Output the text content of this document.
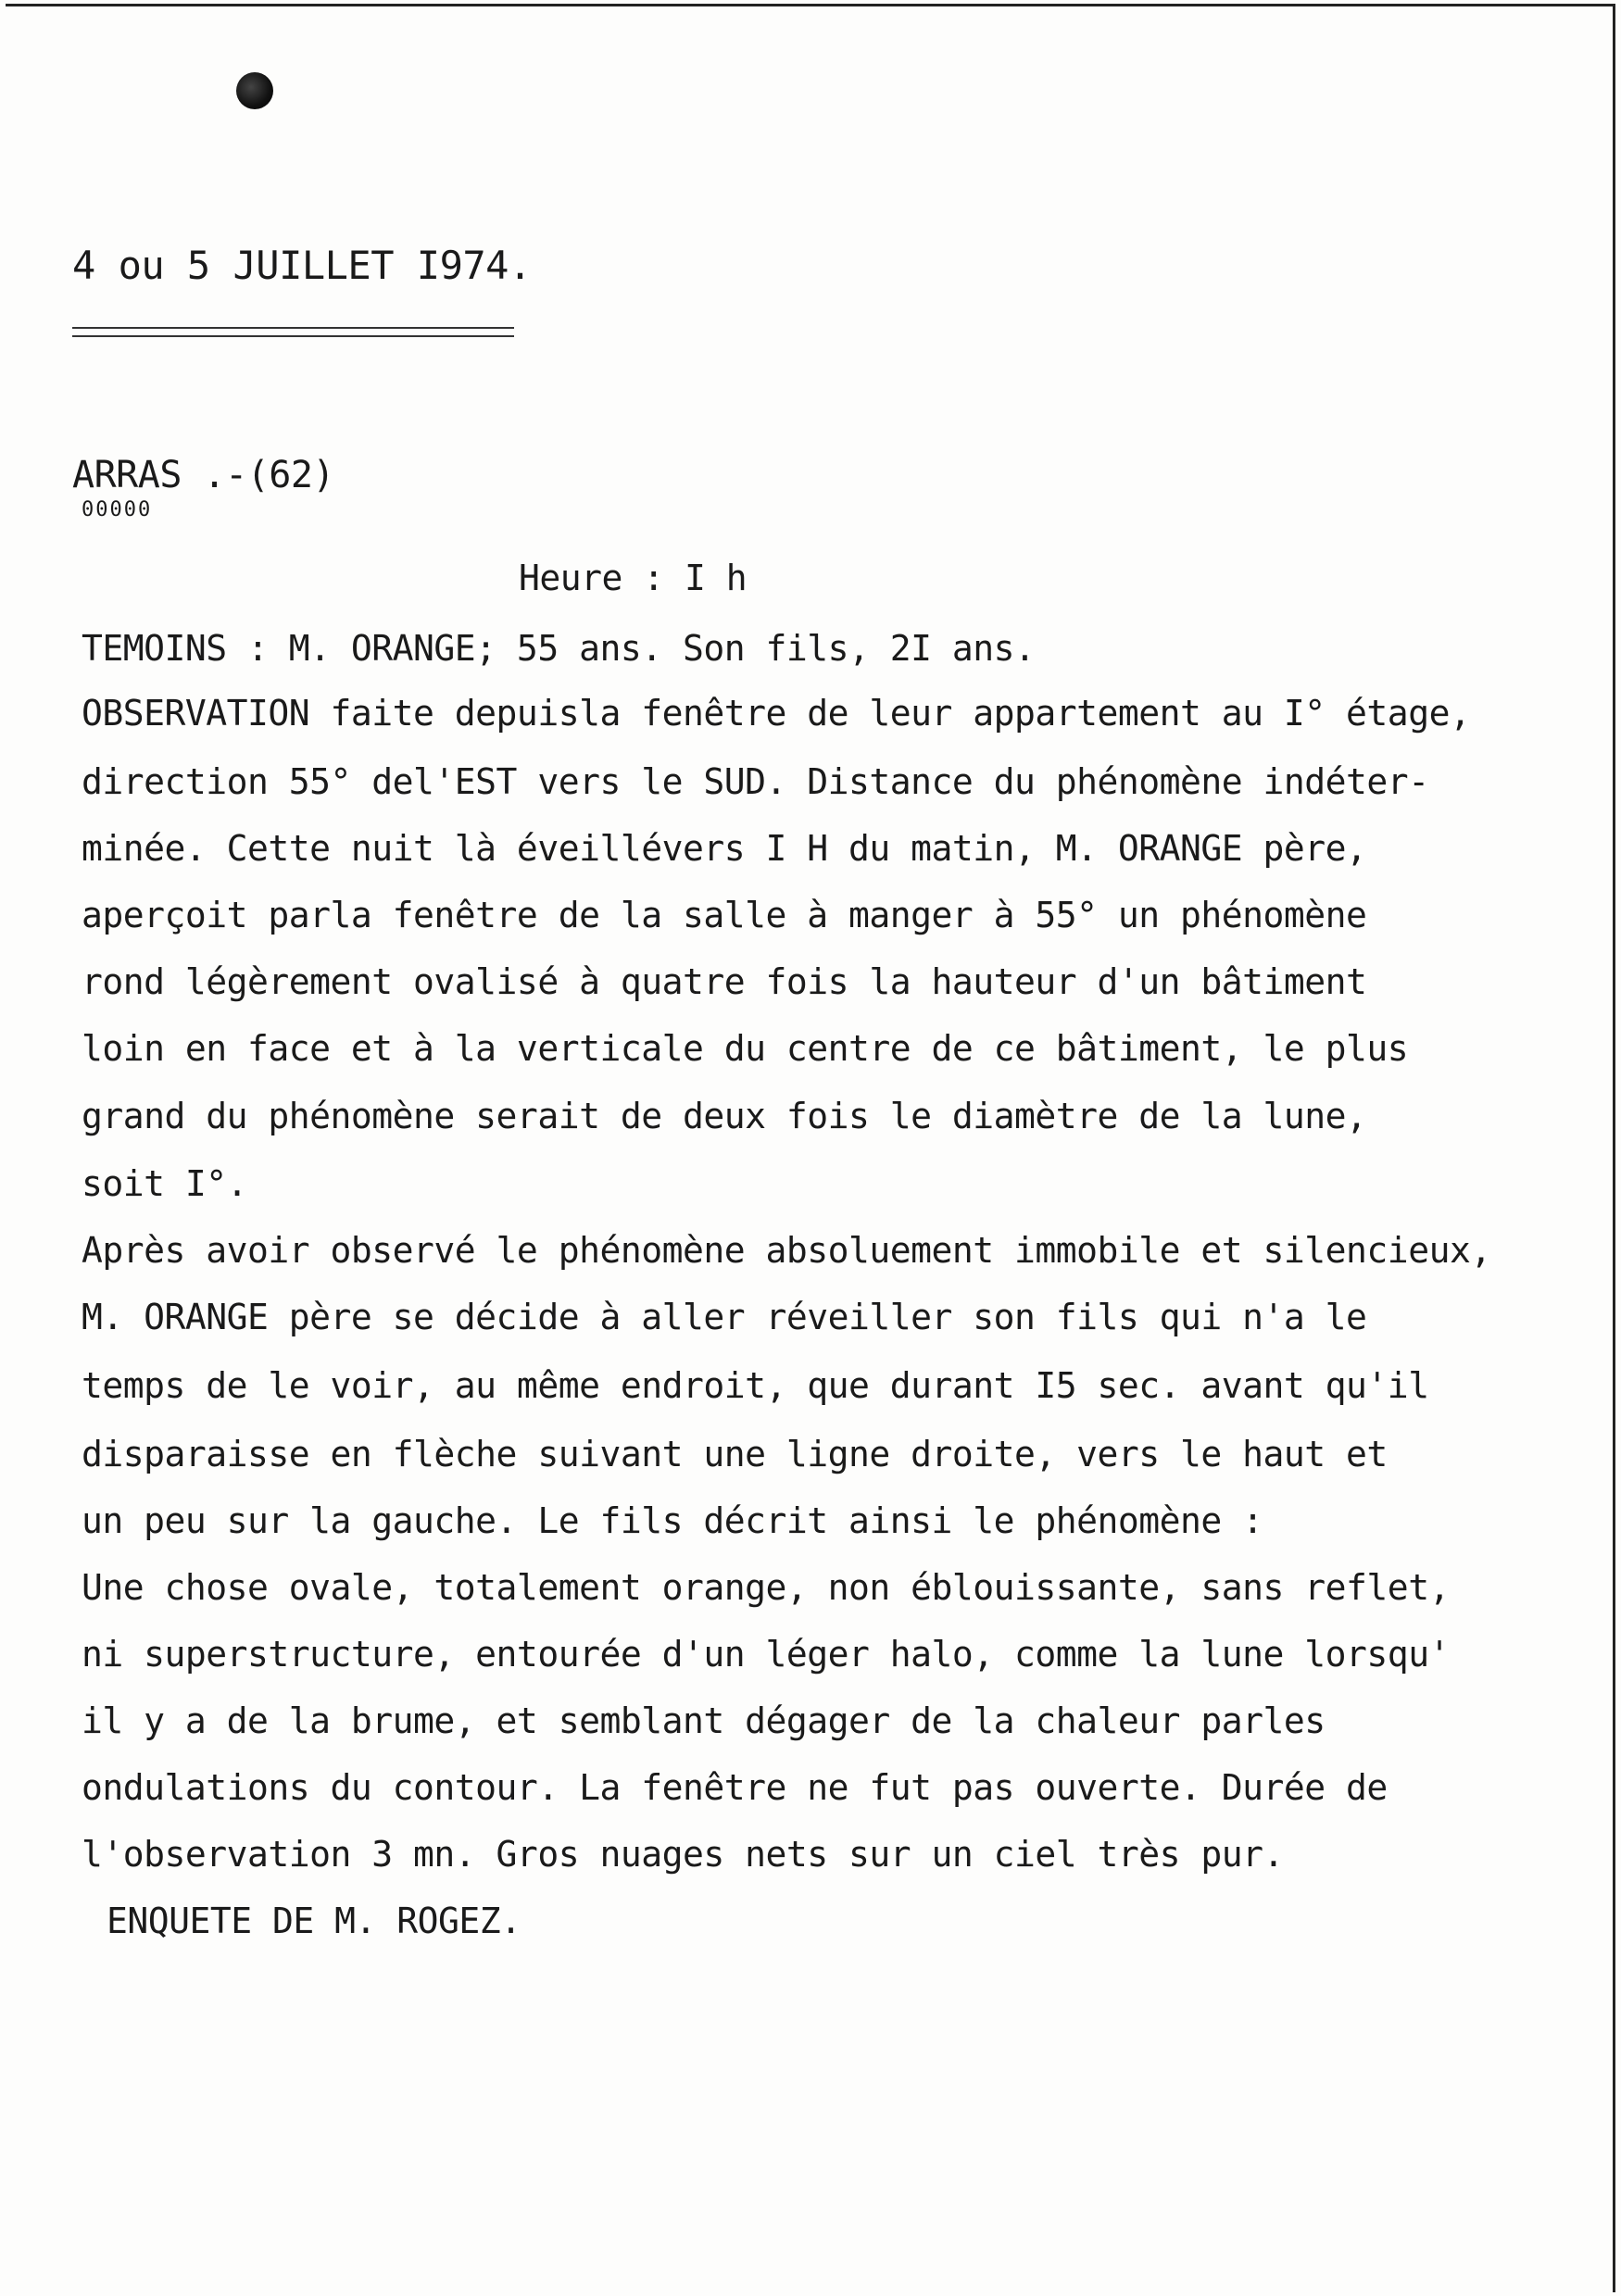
4 ou 5 JUILLET I974.
ARRAS .-(62)
00000
Heure : I h
TEMOINS : M. ORANGE; 55 ans. Son fils, 2I ans.
OBSERVATION faite depuisla fenêtre de leur appartement au I° étage,
direction 55° del'EST vers le SUD. Distance du phénomène indéter-
minée. Cette nuit là éveillévers I H du matin, M. ORANGE père,
aperçoit parla fenêtre de la salle à manger à 55° un phénomène
rond légèrement ovalisé à quatre fois la hauteur d'un bâtiment
loin en face et à la verticale du centre de ce bâtiment, le plus
grand du phénomène serait de deux fois le diamètre de la lune,
soit I°.
Après avoir observé le phénomène absoluement immobile et silencieux,
M. ORANGE père se décide à aller réveiller son fils qui n'a le
temps de le voir, au même endroit, que durant I5 sec. avant qu'il
disparaisse en flèche suivant une ligne droite, vers le haut et
un peu sur la gauche. Le fils décrit ainsi le phénomène :
Une chose ovale, totalement orange, non éblouissante, sans reflet,
ni superstructure, entourée d'un léger halo, comme la lune lorsqu'
il y a de la brume, et semblant dégager de la chaleur parles
ondulations du contour. La fenêtre ne fut pas ouverte. Durée de
l'observation 3 mn. Gros nuages nets sur un ciel très pur.
ENQUETE DE M. ROGEZ.
